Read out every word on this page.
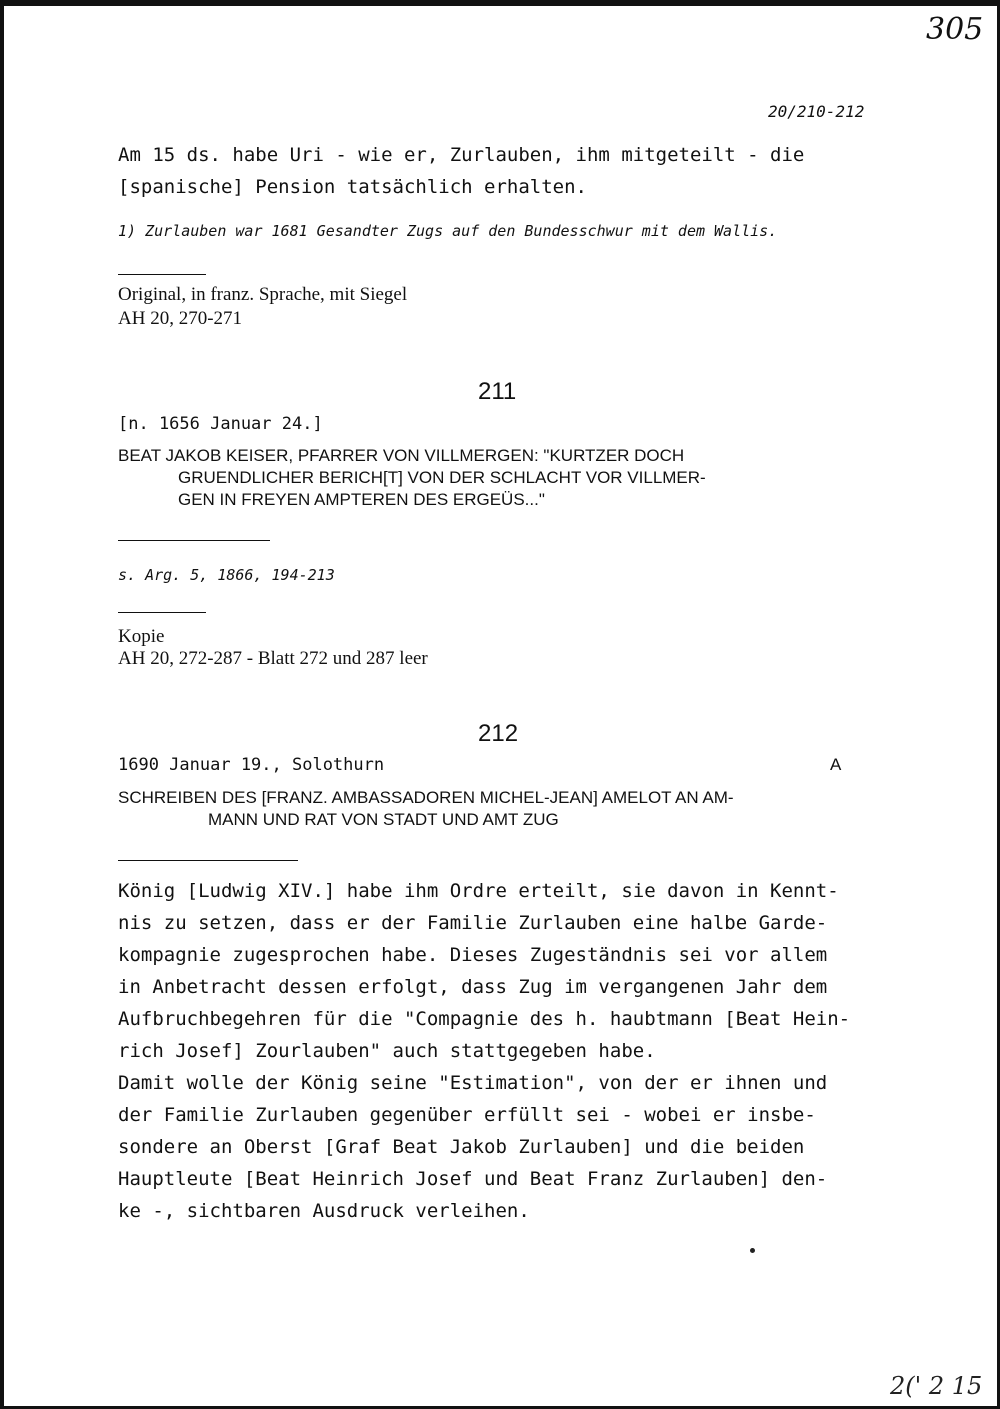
305
20/210-212
Am 15 ds. habe Uri - wie er, Zurlauben, ihm mitgeteilt - die
[spanische] Pension tatsächlich erhalten.
1) Zurlauben war 1681 Gesandter Zugs auf den Bundesschwur mit dem Wallis.
Original, in franz. Sprache, mit Siegel
AH 20, 270-271
211
[n. 1656 Januar 24.]
BEAT JAKOB KEISER, PFARRER VON VILLMERGEN: "KURTZER DOCH
GRUENDLICHER BERICH[T] VON DER SCHLACHT VOR VILLMER-
GEN IN FREYEN AMPTEREN DES ERGEÜS..."
s. Arg. 5, 1866, 194-213
Kopie
AH 20, 272-287 - Blatt 272 und 287 leer
212
1690 Januar 19., Solothurn	A
SCHREIBEN DES [FRANZ. AMBASSADOREN MICHEL-JEAN] AMELOT AN AM-
MANN UND RAT VON STADT UND AMT ZUG
König [Ludwig XIV.] habe ihm Ordre erteilt, sie davon in Kennt-
nis zu setzen, dass er der Familie Zurlauben eine halbe Garde-
kompagnie zugesprochen habe. Dieses Zugeständnis sei vor allem
in Anbetracht dessen erfolgt, dass Zug im vergangenen Jahr dem
Aufbruchbegehren für die "Compagnie des h. haubtmann [Beat Hein-
rich Josef] Zourlauben" auch stattgegeben habe.
Damit wolle der König seine "Estimation", von der er ihnen und
der Familie Zurlauben gegenüber erfüllt sei - wobei er insbe-
sondere an Oberst [Graf Beat Jakob Zurlauben] und die beiden
Hauptleute [Beat Heinrich Josef und Beat Franz Zurlauben] den-
ke -, sichtbaren Ausdruck verleihen.
2(' 2 15
